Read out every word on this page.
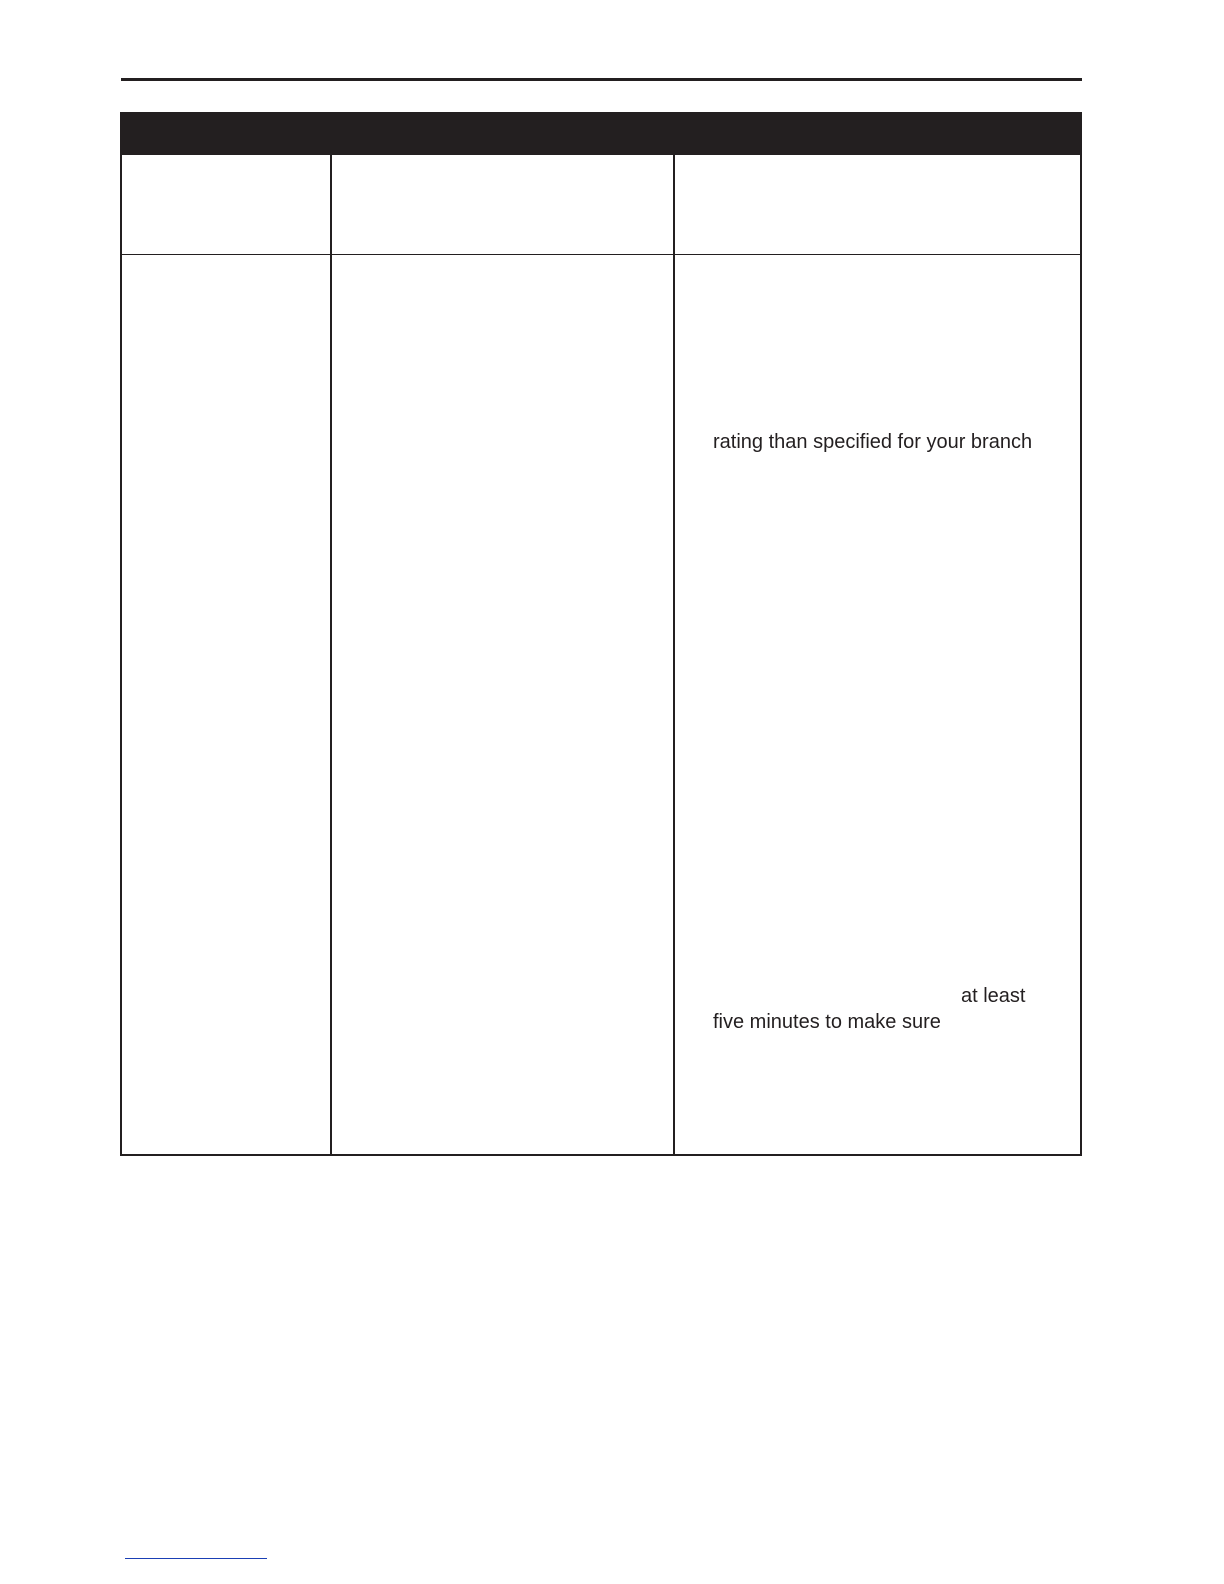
rating than specified for your branch
at least
five minutes to make sure
